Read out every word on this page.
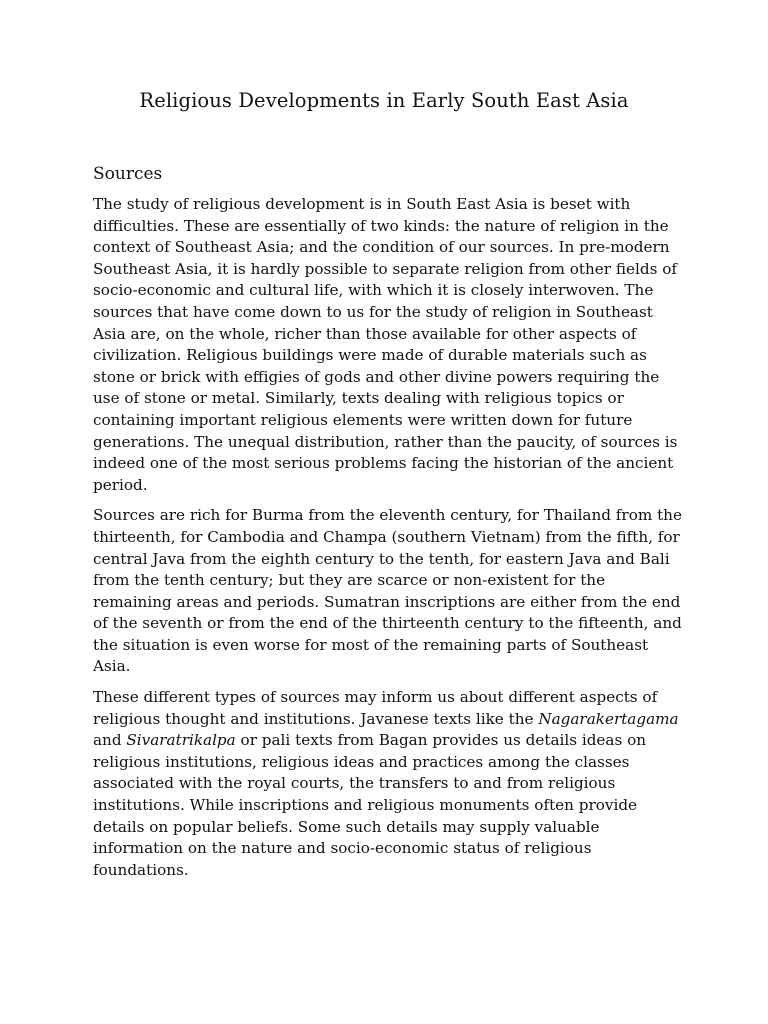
Religious Developments in Early South East Asia
Sources

The study of religious development is in South East Asia is beset with difficulties. These are essentially of two kinds: the nature of religion in the context of Southeast Asia; and the condition of our sources. In pre-modern Southeast Asia, it is hardly possible to separate religion from other fields of socio-economic and cultural life, with which it is closely interwoven. The sources that have come down to us for the study of religion in Southeast Asia are, on the whole, richer than those available for other aspects of civilization. Religious buildings were made of durable materials such as stone or brick with effigies of gods and other divine powers requiring the use of stone or metal. Similarly, texts dealing with religious topics or containing important religious elements were written down for future generations. The unequal distribution, rather than the paucity, of sources is indeed one of the most serious problems facing the historian of the ancient period.

Sources are rich for Burma from the eleventh century, for Thailand from the thirteenth, for Cambodia and Champa (southern Vietnam) from the fifth, for central Java from the eighth century to the tenth, for eastern Java and Bali from the tenth century; but they are scarce or non-existent for the remaining areas and periods. Sumatran inscriptions are either from the end of the seventh or from the end of the thirteenth century to the fifteenth, and the situation is even worse for most of the remaining parts of Southeast Asia.

These different types of sources may inform us about different aspects of religious thought and institutions. Javanese texts like the Nagarakertagama and Sivaratrikalpa or pali texts from Bagan provides us details ideas on religious institutions, religious ideas and practices among the classes associated with the royal courts, the transfers to and from religious institutions. While inscriptions and religious monuments often provide details on popular beliefs. Some such details may supply valuable information on the nature and socio-economic status of religious foundations.
